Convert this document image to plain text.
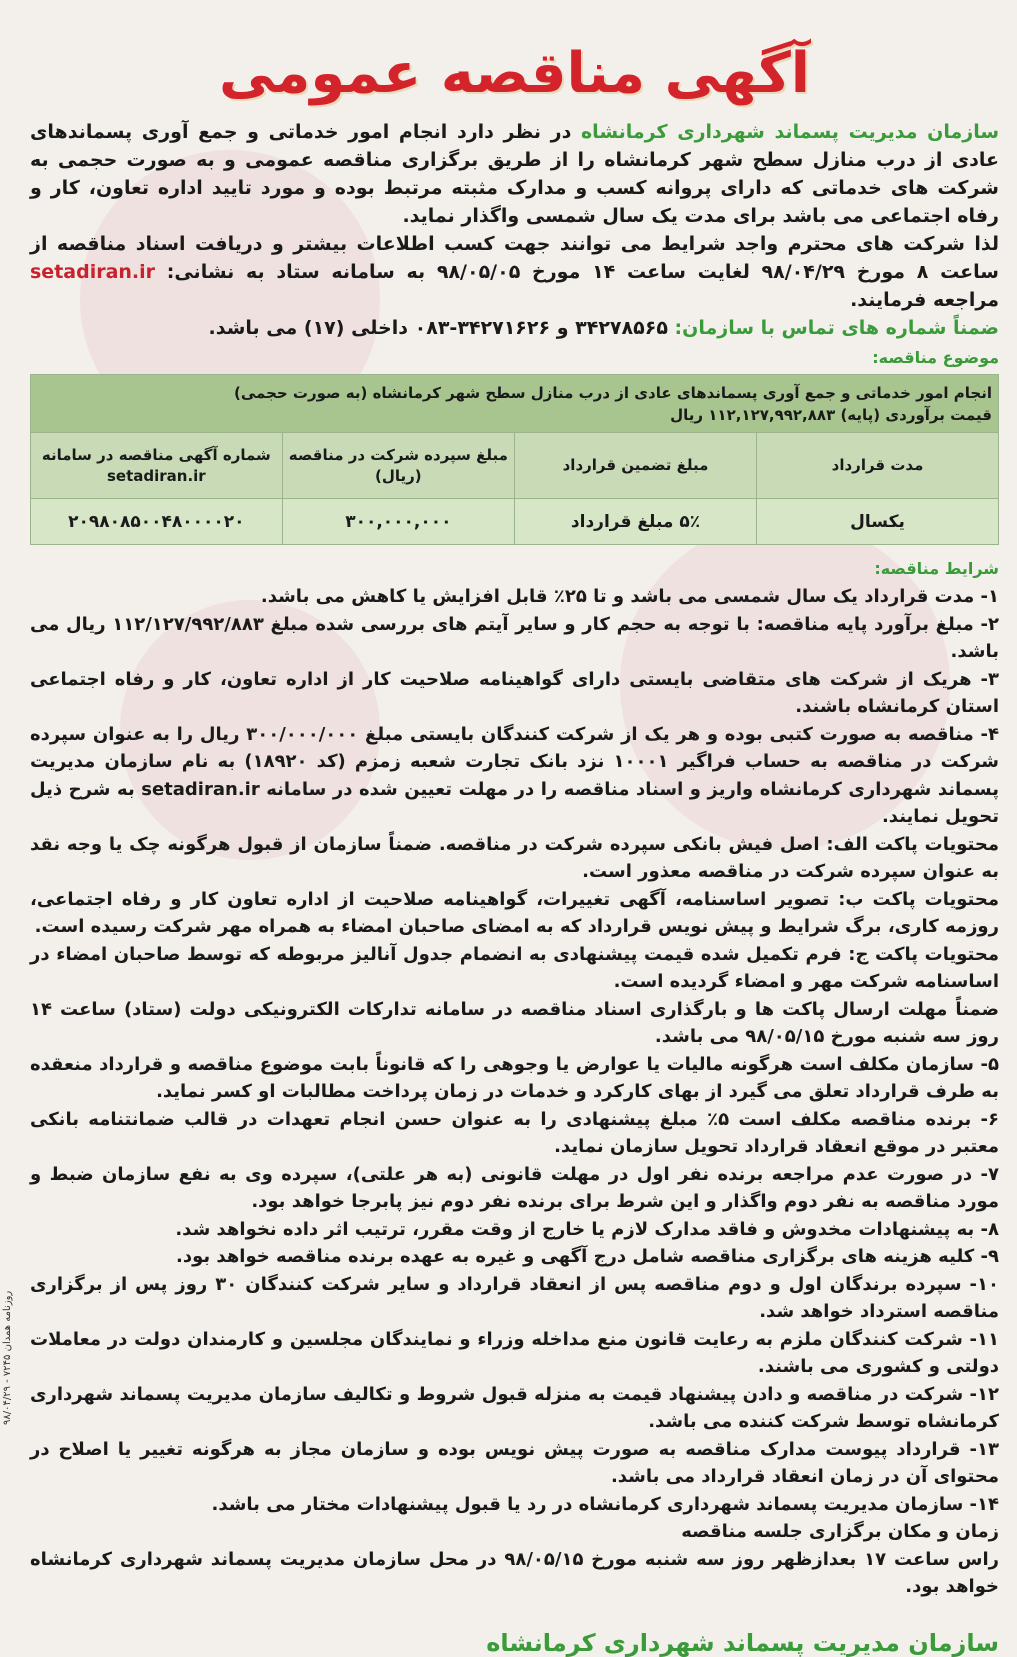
آگهی مناقصه عمومی

سازمان مدیریت پسماند شهرداری کرمانشاه در نظر دارد انجام امور خدماتی و جمع آوری پسماندهای عادی از درب منازل سطح شهر کرمانشاه را از طریق برگزاری مناقصه عمومی و به صورت حجمی به شرکت های خدماتی که دارای پروانه کسب و مدارک مثبته مرتبط بوده و مورد تایید اداره تعاون، کار و رفاه اجتماعی می باشد برای مدت یک سال شمسی واگذار نماید.

لذا شرکت های محترم واجد شرایط می توانند جهت کسب اطلاعات بیشتر و دریافت اسناد مناقصه از ساعت ۸ مورخ ۹۸/۰۴/۲۹ لغایت ساعت ۱۴ مورخ ۹۸/۰۵/۰۵ به سامانه ستاد به نشانی: setadiran.ir مراجعه فرمایند.

ضمناً شماره های تماس با سازمان: ۳۴۲۷۸۵۶۵ و ۳۴۲۷۱۶۲۶-۰۸۳ داخلی (۱۷) می باشد.

موضوع مناقصه:
انجام امور خدماتی و جمع آوری پسماندهای عادی از درب منازل سطح شهر کرمانشاه (به صورت حجمی)
قیمت برآوردی (پایه) ۱۱۲,۱۲۷,۹۹۲,۸۸۳ ریال			

مدت قرارداد	مبلغ تضمین قرارداد	مبلغ سپرده شرکت در مناقصه (ریال)	شماره آگهی مناقصه در سامانه setadiran.ir
یکسال	۵٪ مبلغ قرارداد	۳۰۰,۰۰۰,۰۰۰	۲۰۹۸۰۸۵۰۰۴۸۰۰۰۰۲۰
شرایط مناقصه:
۱- مدت قرارداد یک سال شمسی می باشد و تا ۲۵٪ قابل افزایش یا کاهش می باشد.
۲- مبلغ برآورد پایه مناقصه: با توجه به حجم کار و سایر آیتم های بررسی شده مبلغ ۱۱۲/۱۲۷/۹۹۲/۸۸۳ ریال می باشد.
۳- هریک از شرکت های متقاضی بایستی دارای گواهینامه صلاحیت کار از اداره تعاون، کار و رفاه اجتماعی استان کرمانشاه باشند.
۴- مناقصه به صورت کتبی بوده و هر یک از شرکت کنندگان بایستی مبلغ ۳۰۰/۰۰۰/۰۰۰ ریال را به عنوان سپرده شرکت در مناقصه به حساب فراگیر ۱۰۰۰۱ نزد بانک تجارت شعبه زمزم (کد ۱۸۹۲۰) به نام سازمان مدیریت پسماند شهرداری کرمانشاه واریز و اسناد مناقصه را در مهلت تعیین شده در سامانه setadiran.ir به شرح ذیل تحویل نمایند.
محتویات پاکت الف: اصل فیش بانکی سپرده شرکت در مناقصه. ضمناً سازمان از قبول هرگونه چک یا وجه نقد به عنوان سپرده شرکت در مناقصه معذور است.
محتویات پاکت ب: تصویر اساسنامه، آگهی تغییرات، گواهینامه صلاحیت از اداره تعاون کار و رفاه اجتماعی، روزمه کاری، برگ شرایط و پیش نویس قرارداد که به امضای صاحبان امضاء به همراه مهر شرکت رسیده است.
محتویات پاکت ج: فرم تکمیل شده قیمت پیشنهادی به انضمام جدول آنالیز مربوطه که توسط صاحبان امضاء در اساسنامه شرکت مهر و امضاء گردیده است.
ضمناً مهلت ارسال پاکت ها و بارگذاری اسناد مناقصه در سامانه تدارکات الکترونیکی دولت (ستاد) ساعت ۱۴ روز سه شنبه مورخ ۹۸/۰۵/۱۵ می باشد.
۵- سازمان مکلف است هرگونه مالیات یا عوارض یا وجوهی را که قانوناً بابت موضوع مناقصه و قرارداد منعقده به طرف قرارداد تعلق می گیرد از بهای کارکرد و خدمات در زمان پرداخت مطالبات او کسر نماید.
۶- برنده مناقصه مکلف است ۵٪ مبلغ پیشنهادی را به عنوان حسن انجام تعهدات در قالب ضمانتنامه بانکی معتبر در موقع انعقاد قرارداد تحویل سازمان نماید.
۷- در صورت عدم مراجعه برنده نفر اول در مهلت قانونی (به هر علتی)، سپرده وی به نفع سازمان ضبط و مورد مناقصه به نفر دوم واگذار و این شرط برای برنده نفر دوم نیز پابرجا خواهد بود.
۸- به پیشنهادات مخدوش و فاقد مدارک لازم یا خارج از وقت مقرر، ترتیب اثر داده نخواهد شد.
۹- کلیه هزینه های برگزاری مناقصه شامل درج آگهی و غیره به عهده برنده مناقصه خواهد بود.
۱۰- سپرده برندگان اول و دوم مناقصه پس از انعقاد قرارداد و سایر شرکت کنندگان ۳۰ روز پس از برگزاری مناقصه استرداد خواهد شد.
۱۱- شرکت کنندگان ملزم به رعایت قانون منع مداخله وزراء و نمایندگان مجلسین و کارمندان دولت در معاملات دولتی و کشوری می باشند.
۱۲- شرکت در مناقصه و دادن پیشنهاد قیمت به منزله قبول شروط و تکالیف سازمان مدیریت پسماند شهرداری کرمانشاه توسط شرکت کننده می باشد.
۱۳- قرارداد پیوست مدارک مناقصه به صورت پیش نویس بوده و سازمان مجاز به هرگونه تغییر یا اصلاح در محتوای آن در زمان انعقاد قرارداد می باشد.
۱۴- سازمان مدیریت پسماند شهرداری کرمانشاه در رد یا قبول پیشنهادات مختار می باشد.
زمان و مکان برگزاری جلسه مناقصه
راس ساعت ۱۷ بعدازظهر روز سه شنبه مورخ ۹۸/۰۵/۱۵ در محل سازمان مدیریت پسماند شهرداری کرمانشاه خواهد بود.
سازمان مدیریت پسماند شهرداری کرمانشاه
روزنامه همدان ۷۲۴۵ - ۹۸/۰۴/۲۹
